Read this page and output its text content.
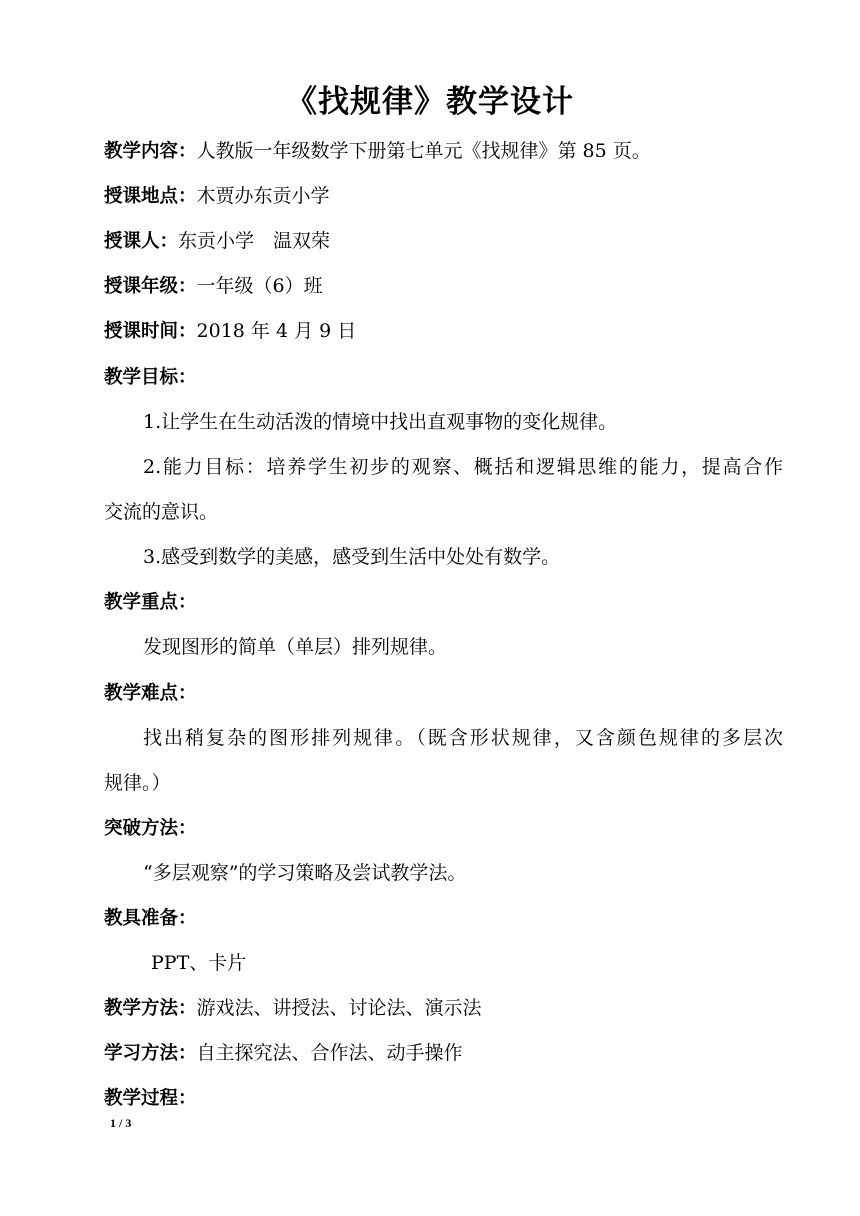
《找规律》教学设计
教学内容：人教版一年级数学下册第七单元《找规律》第 85 页。
授课地点：木贾办东贡小学
授课人：东贡小学　温双荣
授课年级：一年级（6）班
授课时间：2018 年 4 月 9 日
教学目标：
1.让学生在生动活泼的情境中找出直观事物的变化规律。
2.能力目标：培养学生初步的观察、概括和逻辑思维的能力，提高合作
交流的意识。
3.感受到数学的美感，感受到生活中处处有数学。
教学重点：
发现图形的简单（单层）排列规律。
教学难点：
找出稍复杂的图形排列规律。（既含形状规律，又含颜色规律的多层次
规律。）
突破方法：
“多层观察”的学习策略及尝试教学法。
教具准备：
PPT、卡片
教学方法：游戏法、讲授法、讨论法、演示法
学习方法：自主探究法、合作法、动手操作
教学过程：
1 / 3
